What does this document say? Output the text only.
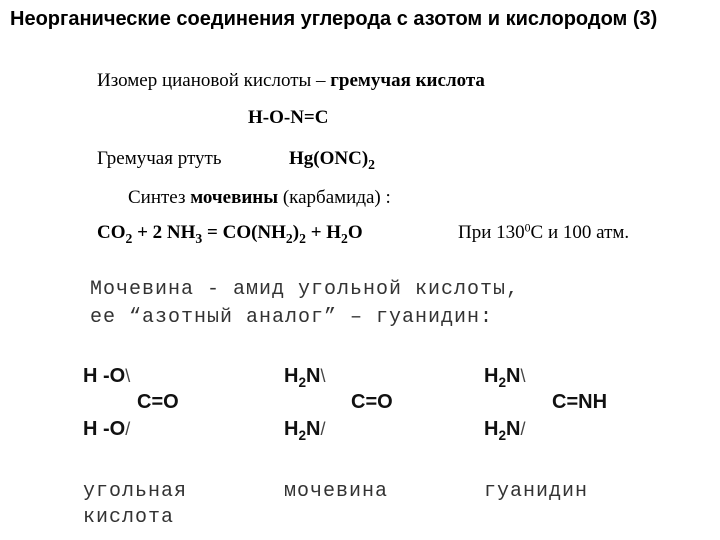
Неорганические соединения углерода с азотом и кислородом (3)
Изомер циановой кислоты – гремучая кислота
H-O-N=C
Гремучая ртуть	$Hg(ONC)_2$
Синтез мочевины (карбамида) :
$CO_2 + 2$ $NH_3 = CO(NH_2)_2 + H_2O$	При $130^0С$ и 100 атм.
Мочевина - амид угольной кислоты,
ее “азотный аналог” – гуанидин:
H -O\
C=O
H -O/
угольная
кислота
$H_2N\backslash$
C=O
$H_2N/$
мочевина
$H_2N\backslash$
C=NH
$H_2N/$
гуанидин
